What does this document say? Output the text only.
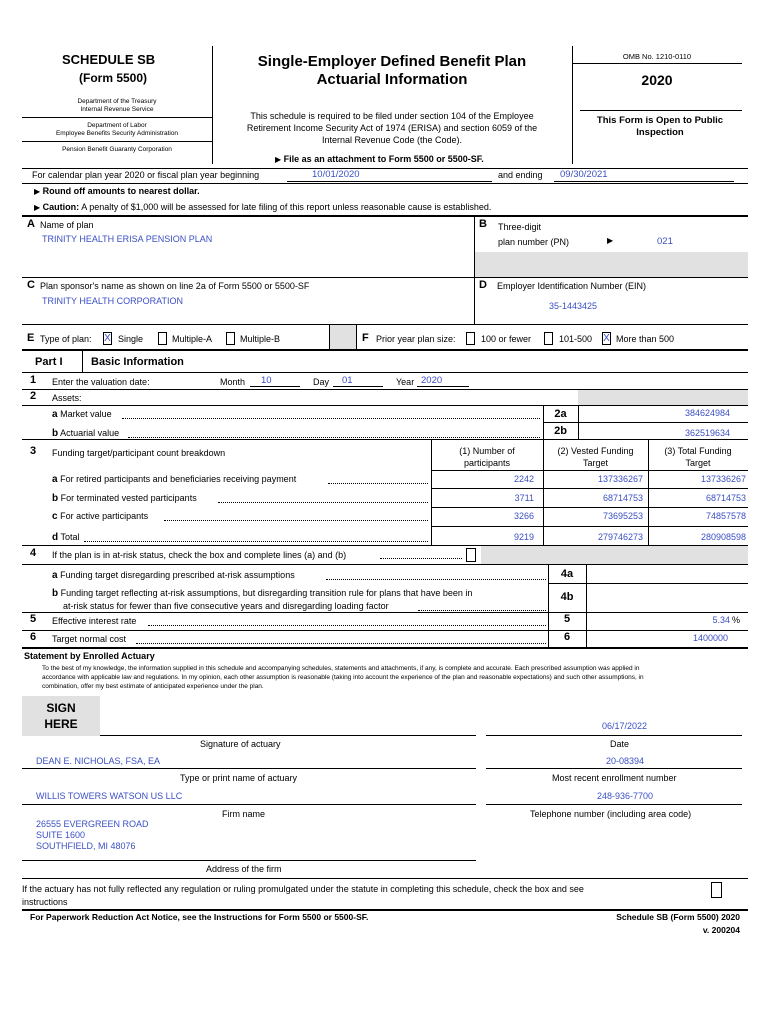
SCHEDULE SB
(Form 5500)
Department of the Treasury
Internal Revenue Service
Department of Labor
Employee Benefits Security Administration
Pension Benefit Guaranty Corporation
Single-Employer Defined Benefit Plan
Actuarial Information
This schedule is required to be filed under section 104 of the Employee
Retirement Income Security Act of 1974 (ERISA) and section 6059 of the
Internal Revenue Code (the Code).
▶ File as an attachment to Form 5500 or 5500-SF.
OMB No. 1210-0110
2020
This Form is Open to Public
Inspection
For calendar plan year 2020 or fiscal plan year beginning	10/01/2020	and ending 09/30/2021
▶ Round off amounts to nearest dollar.
▶ Caution: A penalty of $1,000 will be assessed for late filing of this report unless reasonable cause is established.
A Name of plan
TRINITY HEALTH ERISA PENSION PLAN
B Three-digit
plan number (PN)	▶	021
C Plan sponsor's name as shown on line 2a of Form 5500 or 5500-SF
TRINITY HEALTH CORPORATION
D Employer Identification Number (EIN)
35-1443425
E Type of plan: X Single	Multiple-A	Multiple-B	F Prior year plan size:	100 or fewer	101-500 X More than 500
Part I	Basic Information
1 Enter the valuation date:	Month 10	Day 01	Year 2020
2 Assets:
a Market value	2a	384624984
b Actuarial value	2b	362519634
3 Funding target/participant count breakdown	(1) Number of
participants
(2) Vested Funding
Target
(3) Total Funding
Target
a For retired participants and beneficiaries receiving payment	2242	137336267	137336267
b For terminated vested participants	3711	68714753	68714753
c For active participants	3266	73695253	74857578
d Total	9219	279746273	280908598
4 If the plan is in at-risk status, check the box and complete lines (a) and (b)
a Funding target disregarding prescribed at-risk assumptions	4a
b Funding target reflecting at-risk assumptions, but disregarding transition rule for plans that have been in
at-risk status for fewer than five consecutive years and disregarding loading factor
4b
5 Effective interest rate	5	5.34 %
6 Target normal cost	6	1400000
Statement by Enrolled Actuary
To the best of my knowledge, the information supplied in this schedule and accompanying schedules, statements and attachments, if any, is complete and accurate. Each prescribed assumption was applied in
accordance with applicable law and regulations. In my opinion, each other assumption is reasonable (taking into account the experience of the plan and reasonable expectations) and such other assumptions, in
combination, offer my best estimate of anticipated experience under the plan.
SIGN
HERE	06/17/2022
Signature of actuary	Date
DEAN E. NICHOLAS, FSA, EA	20-08394
Type or print name of actuary	Most recent enrollment number
WILLIS TOWERS WATSON US LLC	248-936-7700
Firm name	Telephone number (including area code)
26555 EVERGREEN ROAD
SUITE 1600
SOUTHFIELD, MI 48076
Address of the firm
If the actuary has not fully reflected any regulation or ruling promulgated under the statute in completing this schedule, check the box and see
instructions
For Paperwork Reduction Act Notice, see the Instructions for Form 5500 or 5500-SF.	Schedule SB (Form 5500) 2020
v. 200204
